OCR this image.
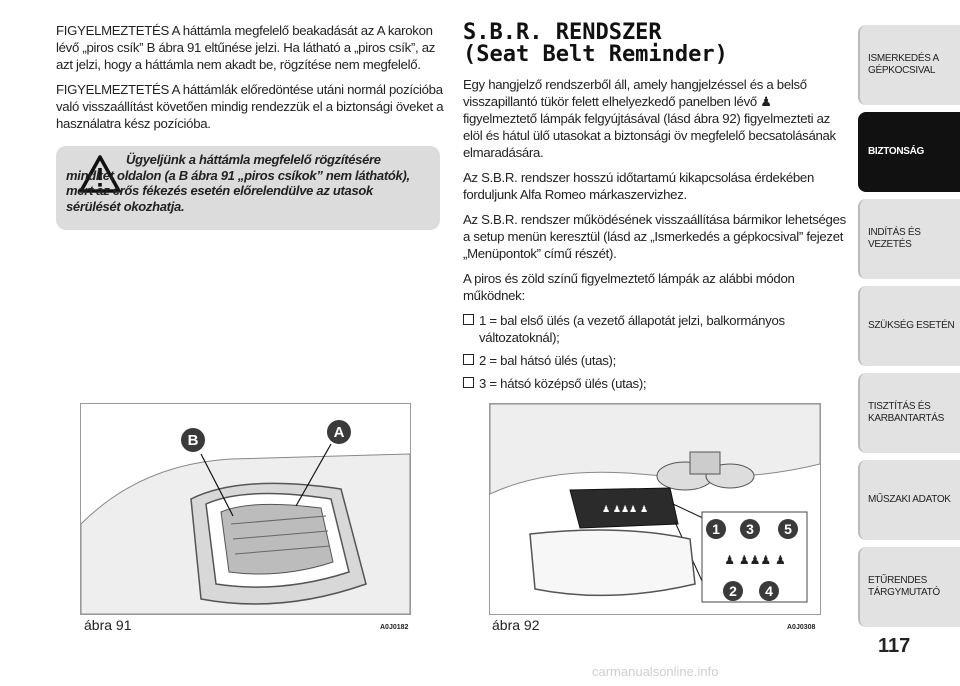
FIGYELMEZTETÉS A háttámla megfelelő beakadását az A karokon lévő „piros csík” B ábra 91 eltűnése jelzi. Ha látható a „piros csík”, az azt jelzi, hogy a háttámla nem akadt be, rögzítése nem megfelelő.

FIGYELMEZTETÉS A háttámlák előredöntése utáni normál pozícióba való visszaállítást követően mindig rendezzük el a biztonsági öveket a használatra kész pozícióba.

Ügyeljünk a háttámla megfelelő rögzítésére mindkét oldalon (a B ábra 91 „piros csíkok” nem láthatók), mert az erős fékezés esetén előrelendülve az utasok sérülését okozhatja.
S.B.R. RENDSZER
(Seat Belt Reminder)

Egy hangjelző rendszerből áll, amely hangjelzéssel és a belső visszapillantó tükör felett elhelyezkedő panelben lévő ♟ figyelmeztető lámpák felgyújtásával (lásd ábra 92) figyelmezteti az elöl és hátul ülő utasokat a biztonsági öv megfelelő becsatolásának elmaradására.

Az S.B.R. rendszer hosszú időtartamú kikapcsolása érdekében forduljunk Alfa Romeo márkaszervizhez.

Az S.B.R. rendszer működésének visszaállítása bármikor lehetséges a setup menün keresztül (lásd az „Ismerkedés a gépkocsival” fejezet „Menüpontok” című részét).

A piros és zöld színű figyelmeztető lámpák az alábbi módon működnek:

1 = bal első ülés (a vezető állapotát jelzi, balkormányos változatoknál);
2 = bal hátsó ülés (utas);
3 = hátsó középső ülés (utas);
B	A
ábra 91	A0J0182
♟ ♟♟♟ ♟
1 3 5
♟ ♟♟♟ ♟
2 4
ábra 92	A0J0308
ISMERKEDÉS A GÉPKOCSIVAL
BIZTONSÁG
INDÍTÁS ÉS VEZETÉS
SZÜKSÉG ESETÉN
TISZTÍTÁS ÉS KARBANTARTÁS
MŰSZAKI ADATOK
ETŰRENDES TÁRGYMUTATÓ
117
carmanualsonline.info
